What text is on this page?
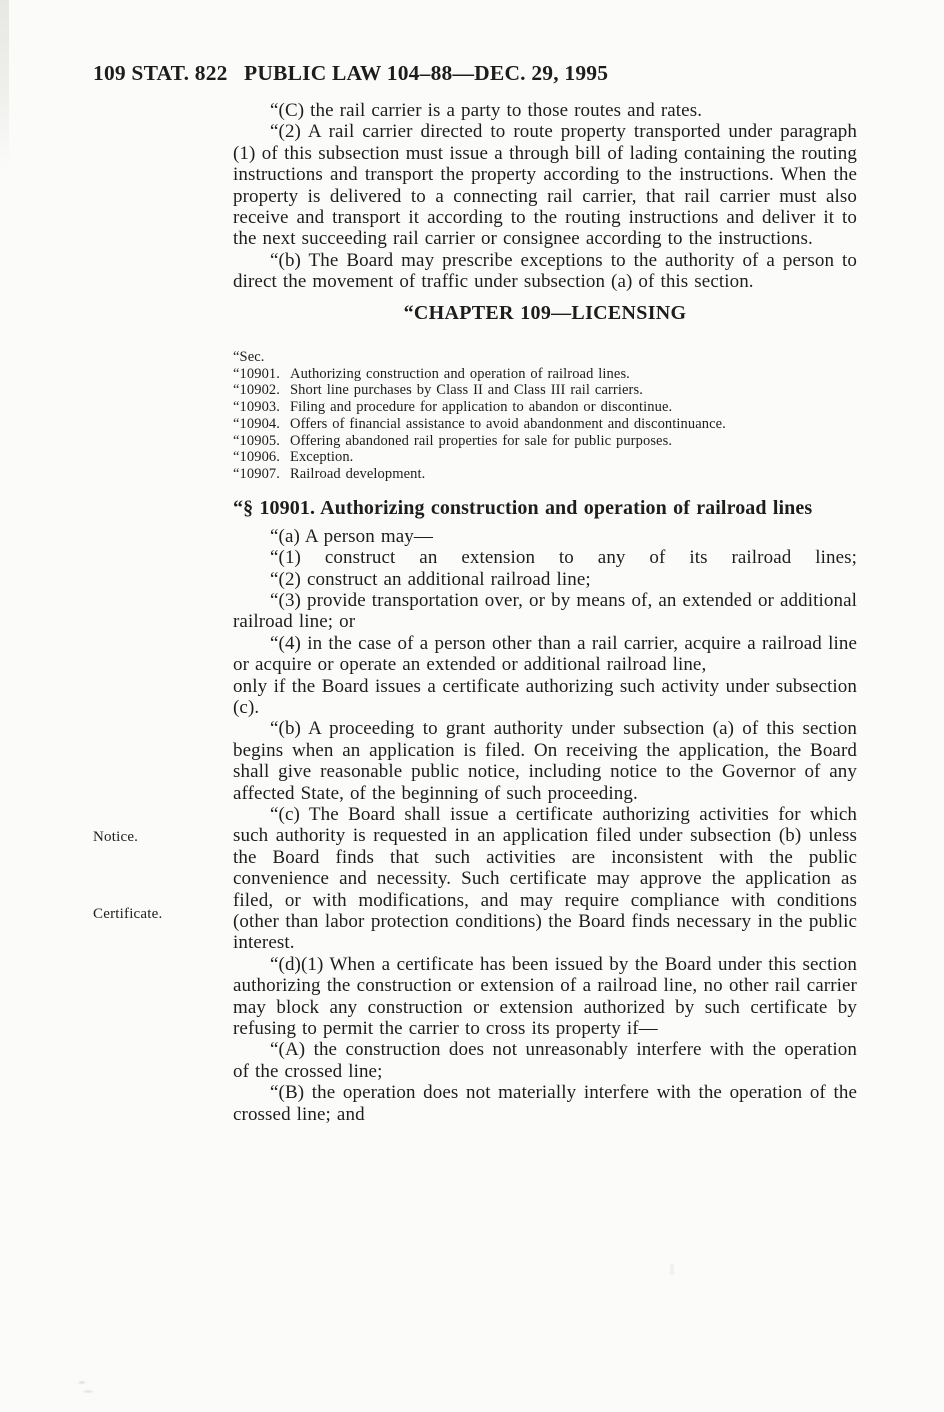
109 STAT. 822 PUBLIC LAW 104–88—DEC. 29, 1995
Notice.
Certificate.

“(C) the rail carrier is a party to those routes and rates.

“(2) A rail carrier directed to route property transported under paragraph (1) of this subsection must issue a through bill of lading containing the routing instructions and transport the property according to the instructions. When the property is delivered to a connecting rail carrier, that rail carrier must also receive and transport it according to the routing instructions and deliver it to the next succeeding rail carrier or consignee according to the instructions.

“(b) The Board may prescribe exceptions to the authority of a person to direct the movement of traffic under subsection (a) of this section.

“CHAPTER 109—LICENSING
“Sec.
“10901. Authorizing construction and operation of railroad lines.
“10902. Short line purchases by Class II and Class III rail carriers.
“10903. Filing and procedure for application to abandon or discontinue.
“10904. Offers of financial assistance to avoid abandonment and discontinuance.
“10905. Offering abandoned rail properties for sale for public purposes.
“10906. Exception.
“10907. Railroad development.
“§ 10901. Authorizing construction and operation of railroad lines

“(a) A person may—

“(1) construct an extension to any of its railroad lines;

“(2) construct an additional railroad line;

“(3) provide transportation over, or by means of, an extended or additional railroad line; or

“(4) in the case of a person other than a rail carrier, acquire a railroad line or acquire or operate an extended or additional railroad line,

only if the Board issues a certificate authorizing such activity under subsection (c).

“(b) A proceeding to grant authority under subsection (a) of this section begins when an application is filed. On receiving the application, the Board shall give reasonable public notice, including notice to the Governor of any affected State, of the beginning of such proceeding.

“(c) The Board shall issue a certificate authorizing activities for which such authority is requested in an application filed under subsection (b) unless the Board finds that such activities are inconsistent with the public convenience and necessity. Such certificate may approve the application as filed, or with modifications, and may require compliance with conditions (other than labor protection conditions) the Board finds necessary in the public interest.

“(d)(1) When a certificate has been issued by the Board under this section authorizing the construction or extension of a railroad line, no other rail carrier may block any construction or extension authorized by such certificate by refusing to permit the carrier to cross its property if—

“(A) the construction does not unreasonably interfere with the operation of the crossed line;

“(B) the operation does not materially interfere with the operation of the crossed line; and
